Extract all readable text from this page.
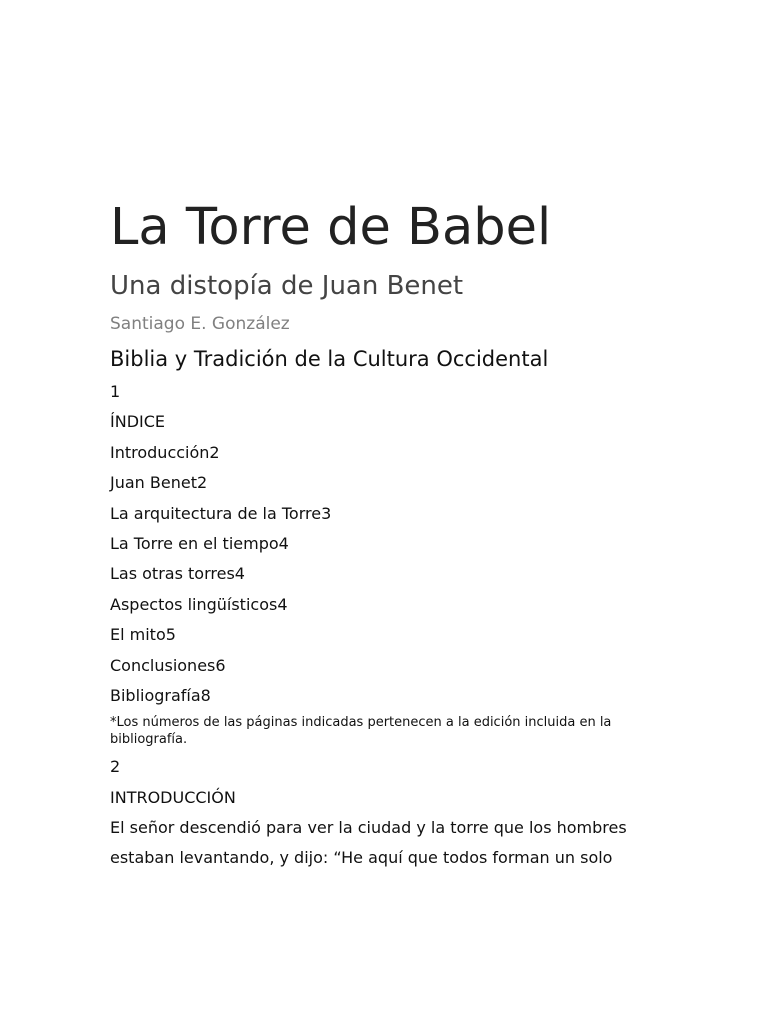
La Torre de Babel
Una distopía de Juan Benet
Santiago E. González
Biblia y Tradición de la Cultura Occidental

1

ÍNDICE

Introducción2

Juan Benet2

La arquitectura de la Torre3

La Torre en el tiempo4

Las otras torres4

Aspectos lingüísticos4

El mito5

Conclusiones6

Bibliografía8

*Los números de las páginas indicadas pertenecen a la edición incluida en la bibliografía.

2

INTRODUCCIÓN

El señor descendió para ver la ciudad y la torre que los hombres

estaban levantando, y dijo: “He aquí que todos forman un solo
